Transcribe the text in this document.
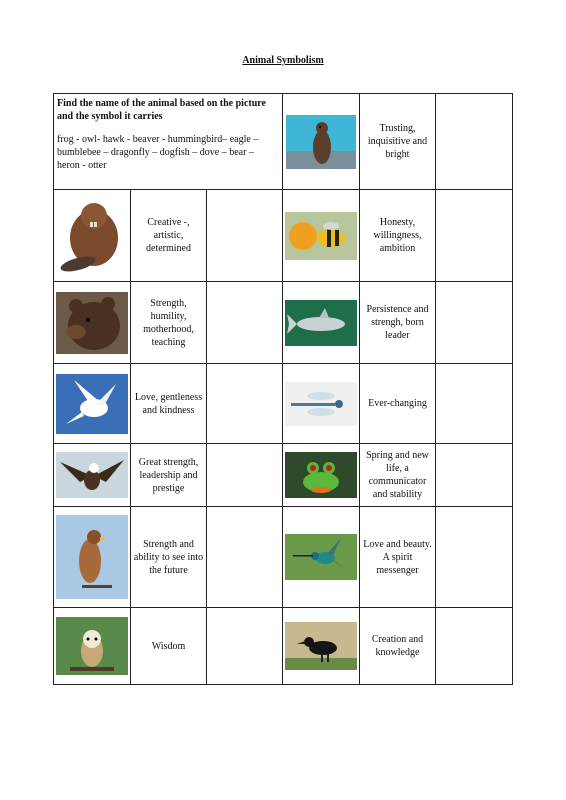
Animal Symbolism
Find the name of the animal based on the picture and the symbol it carries
frog - owl- hawk - beaver - hummingbird– eagle – bumblebee – dragonfly – dogfish – dove – bear – heron - otter				Trusting, inquisitive and bright	

Creative -, artistic, determined			Honesty, willingness, ambition	

Strength, humility, motherhood, teaching			Persistence and strengh, born leader	

Love, gentleness and kindness			Ever-changing	

Great strength, leadership and prestige			Spring and new life, a communicator and stability	

Strength and ability to see into the future			Love and beauty. A spirit messenger	

Wisdom			Creation and knowledge	
